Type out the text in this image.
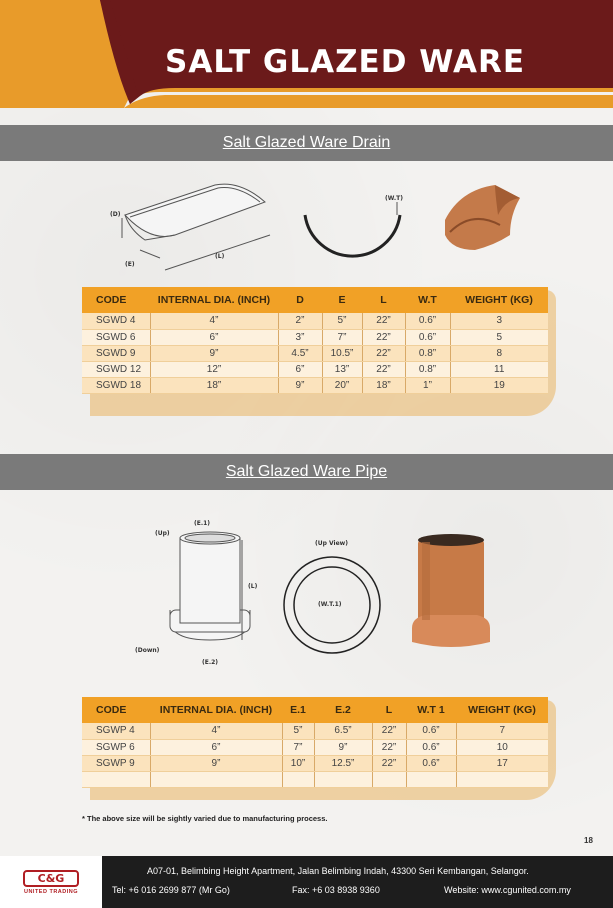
SALT GLAZED WARE
Salt Glazed Ware Drain
(D)
(E)
(L)
(W.T)
CODE	INTERNAL DIA. (INCH)	D	E	L	W.T	WEIGHT (KG)
SGWD 4	4”	2”	5”	22”	0.6”	3
SGWD 6	6”	3”	7”	22”	0.6”	5
SGWD 9	9”	4.5”	10.5”	22”	0.8”	8
SGWD 12	12”	6”	13”	22”	0.8”	11
SGWD 18	18”	9”	20”	18”	1”	19
Salt Glazed Ware Pipe
(Up)
(E.1)
(L)
(Down)
(E.2)
(Up View)
(W.T.1)
CODE	INTERNAL DIA. (INCH)	E.1	E.2	L	W.T 1	WEIGHT (KG)
SGWP 4	4”	5”	6.5”	22”	0.6”	7
SGWP 6	6”	7”	9”	22”	0.6”	10
SGWP 9	9”	10”	12.5”	22”	0.6”	17

* The above size will be sightly varied due to manufacturing process.
18
C&G
UNITED TRADING
A07-01, Belimbing Height Apartment, Jalan Belimbing Indah, 43300 Seri Kembangan, Selangor.
Tel: +6 016 2699 877 (Mr Go)	Fax: +6 03 8938 9360	Website: www.cgunited.com.my
